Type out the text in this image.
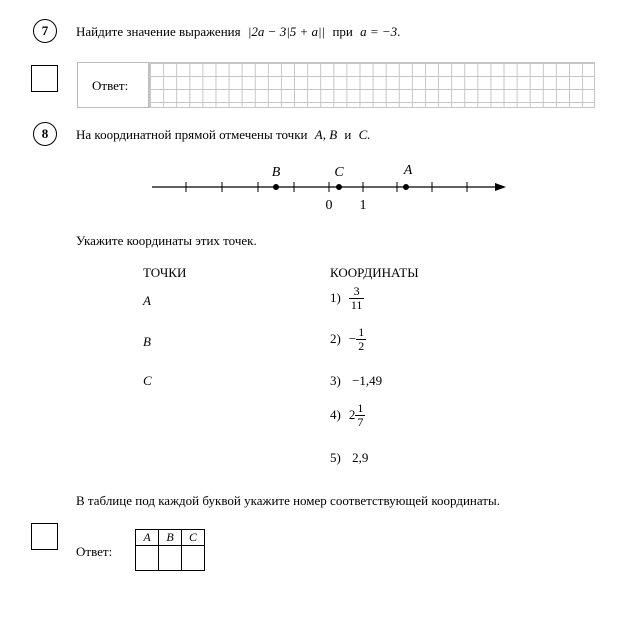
7 Найдите значение выражения |2a − 3|5 + a|| при a = −3.
Ответ:
8 На координатной прямой отмечены точки A, B и C.
B	C	A
0 1
Укажите координаты этих точек.
ТОЧКИ	КООРДИНАТЫ
A
B
C
$1) \frac{3}{11}$
$2) - \frac{1}{2}$
3) −1,49
4) $2 \frac{1}{7}$
5) 2,9
В таблице под каждой буквой укажите номер соответствующей координаты.
Ответ:
A	B	C
